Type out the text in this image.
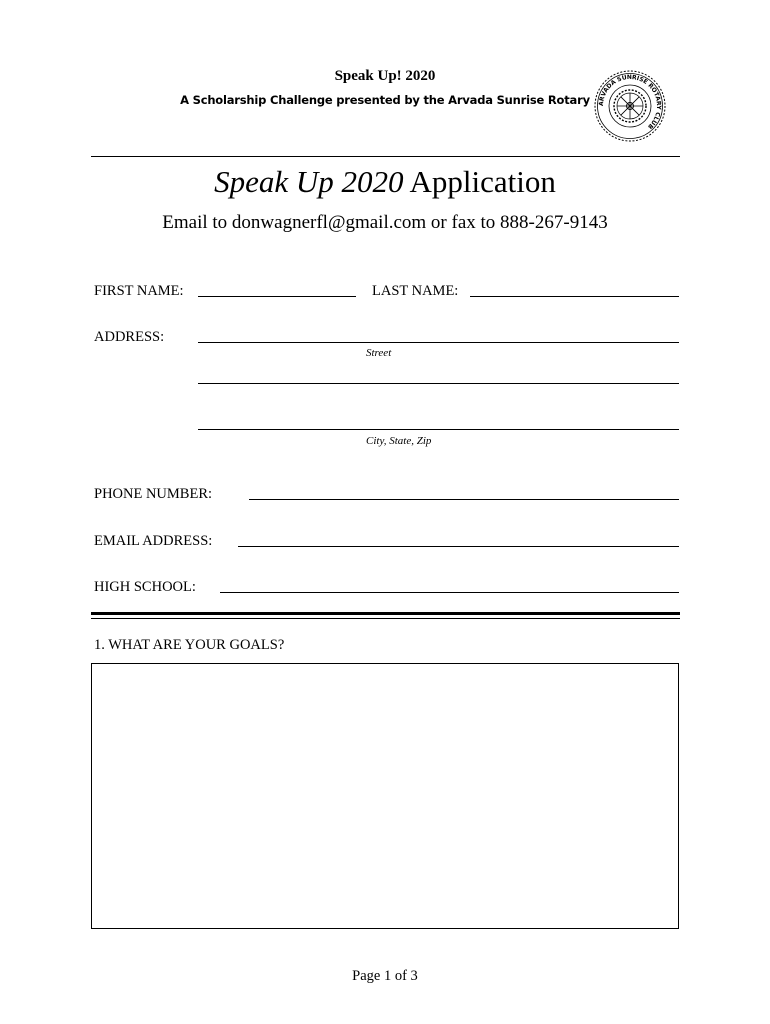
Speak Up! 2020
A Scholarship Challenge presented by the Arvada Sunrise Rotary	ARVADA SUNRISE ROTARY CLUB
Speak Up 2020 Application
Email to donwagnerfl@gmail.com or fax to 888-267-9143
FIRST NAME:	LAST NAME:
ADDRESS:
Street
City, State, Zip
PHONE NUMBER:
EMAIL ADDRESS:
HIGH SCHOOL:
1. WHAT ARE YOUR GOALS?
Page 1 of 3
